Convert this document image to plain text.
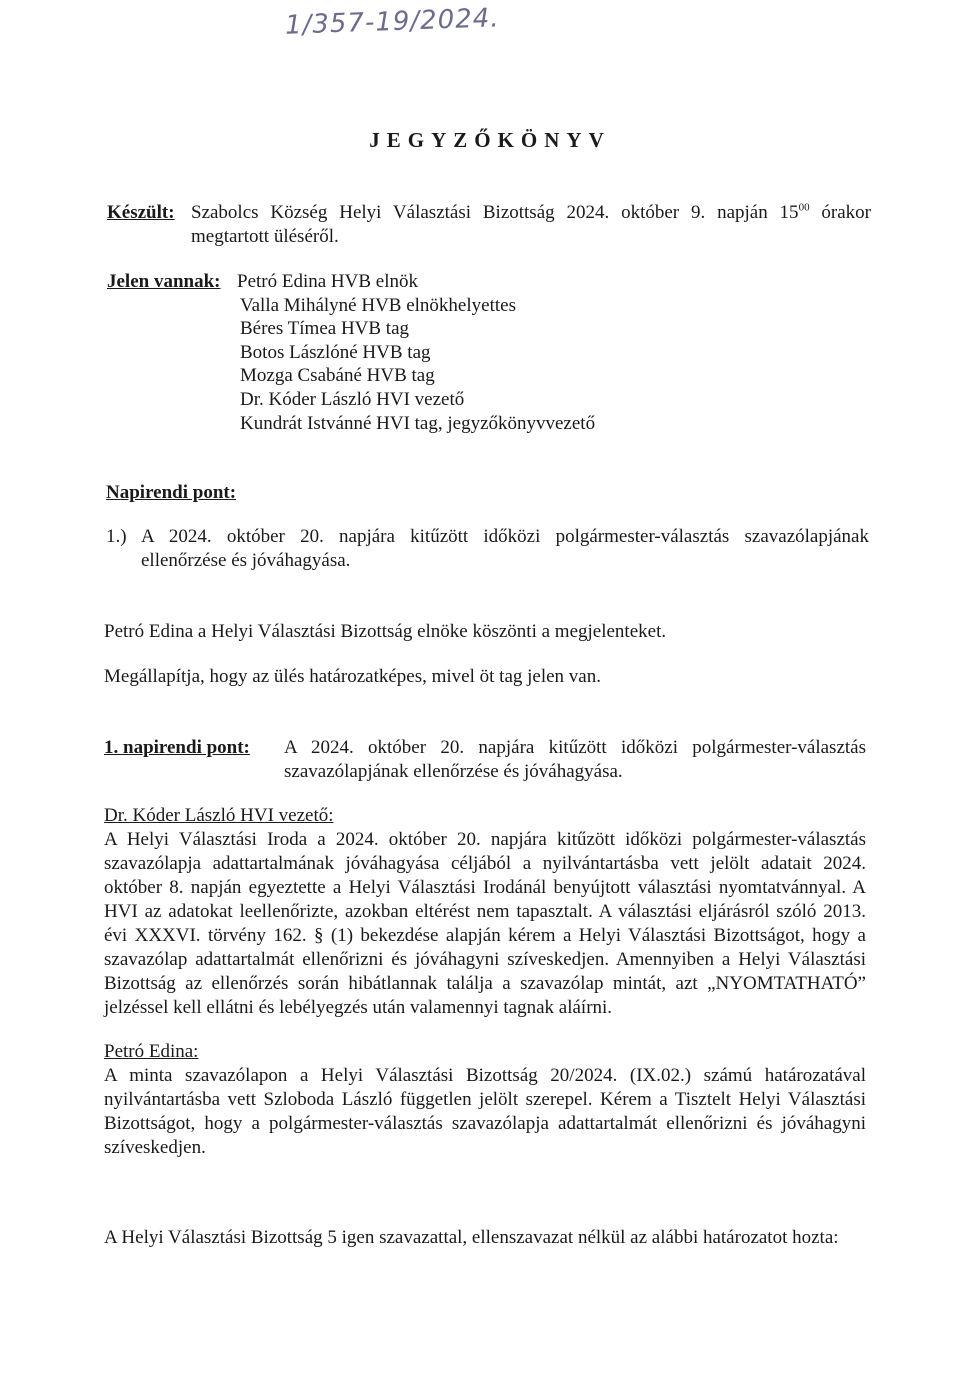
1/357-19/2024.
JEGYZŐKÖNYV

Készült: Szabolcs Község Helyi Választási Bizottság 2024. október 9. napján $15^{00}$ órakor megtartott üléséről.

Jelen vannak: Petró Edina HVB elnök
Valla Mihályné HVB elnökhelyettes
Béres Tímea HVB tag
Botos Lászlóné HVB tag
Mozga Csabáné HVB tag
Dr. Kóder László HVI vezető
Kundrát Istvánné HVI tag, jegyzőkönyvvezető

Napirendi pont:

1.) A 2024. október 20. napjára kitűzött időközi polgármester-választás szavazólapjának ellenőrzése és jóváhagyása.

Petró Edina a Helyi Választási Bizottság elnöke köszönti a megjelenteket.

Megállapítja, hogy az ülés határozatképes, mivel öt tag jelen van.

1. napirendi pont: A 2024. október 20. napjára kitűzött időközi polgármester-választás szavazólapjának ellenőrzése és jóváhagyása.

Dr. Kóder László HVI vezető:

A Helyi Választási Iroda a 2024. október 20. napjára kitűzött időközi polgármester-választás szavazólapja adattartalmának jóváhagyása céljából a nyilvántartásba vett jelölt adatait 2024. október 8. napján egyeztette a Helyi Választási Irodánál benyújtott választási nyomtatvánnyal. A HVI az adatokat leellenőrizte, azokban eltérést nem tapasztalt. A választási eljárásról szóló 2013. évi XXXVI. törvény 162. § (1) bekezdése alapján kérem a Helyi Választási Bizottságot, hogy a szavazólap adattartalmát ellenőrizni és jóváhagyni szíveskedjen. Amennyiben a Helyi Választási Bizottság az ellenőrzés során hibátlannak találja a szavazólap mintát, azt „NYOMTATHATÓ” jelzéssel kell ellátni és lebélyegzés után valamennyi tagnak aláírni.

Petró Edina:

A minta szavazólapon a Helyi Választási Bizottság 20/2024. (IX.02.) számú határozatával nyilvántartásba vett Szloboda László független jelölt szerepel. Kérem a Tisztelt Helyi Választási Bizottságot, hogy a polgármester-választás szavazólapja adattartalmát ellenőrizni és jóváhagyni szíveskedjen.

A Helyi Választási Bizottság 5 igen szavazattal, ellenszavazat nélkül az alábbi határozatot hozta:
